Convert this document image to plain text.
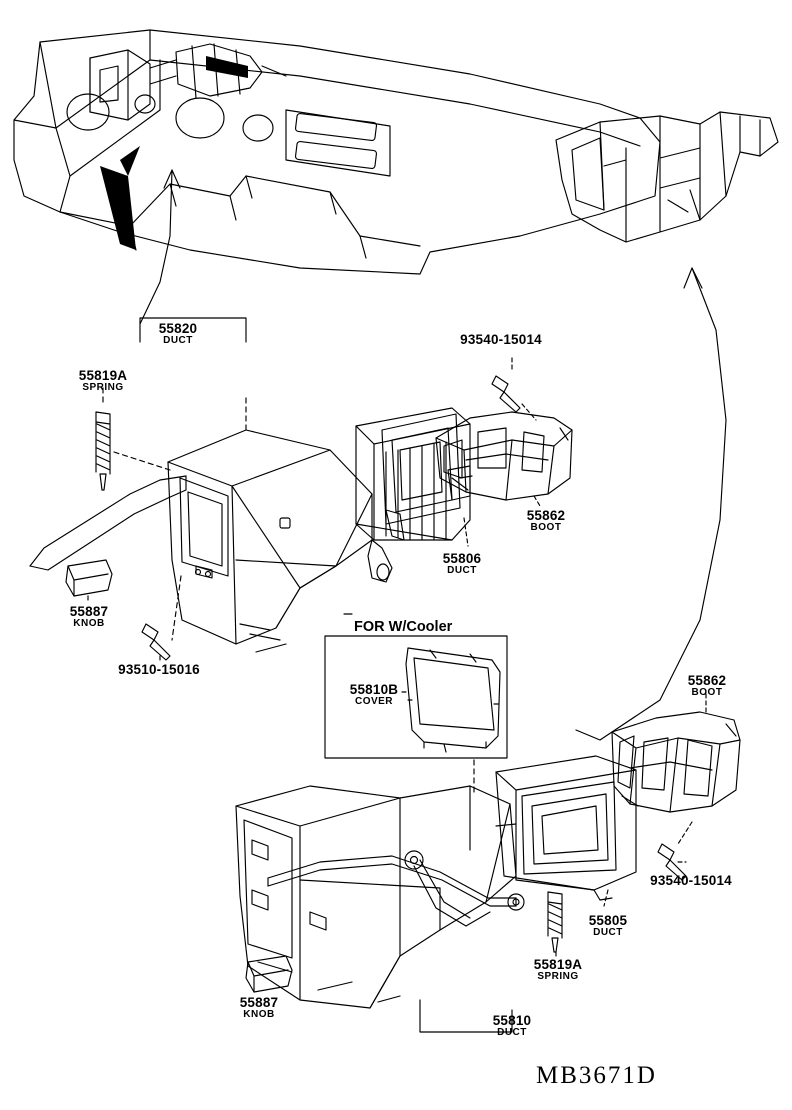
55820
DUCT
55819A
SPRING
93540-15014
55862
BOOT
55806
DUCT
55887
KNOB
93510-15016
55810B
COVER
55862
BOOT
93540-15014
55805
DUCT
55819A
SPRING
55887
KNOB	55810
DUCT
FOR W/Cooler
MB3671D
